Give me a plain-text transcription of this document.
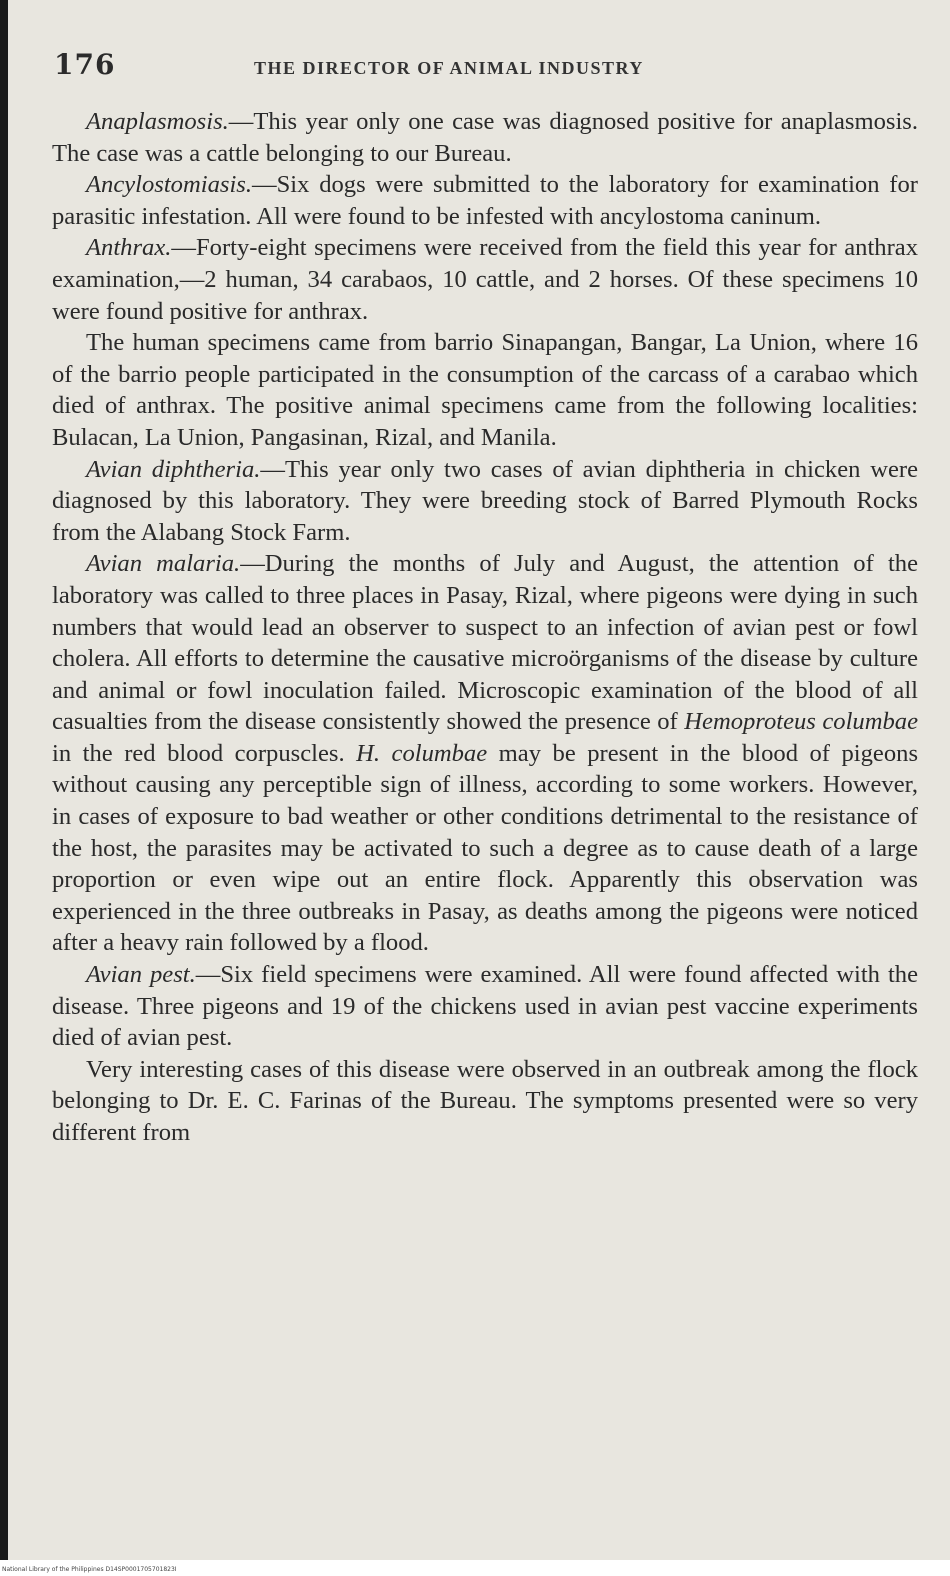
176	THE DIRECTOR OF ANIMAL INDUSTRY

Anaplasmosis.—This year only one case was diagnosed positive for anaplasmosis. The case was a cattle belonging to our Bureau.

Ancylostomiasis.—Six dogs were submitted to the laboratory for examination for parasitic infestation. All were found to be infested with ancylostoma caninum.

Anthrax.—Forty-eight specimens were received from the field this year for anthrax examination,—2 human, 34 carabaos, 10 cattle, and 2 horses. Of these specimens 10 were found positive for anthrax.

The human specimens came from barrio Sinapangan, Bangar, La Union, where 16 of the barrio people participated in the consumption of the carcass of a carabao which died of anthrax. The positive animal specimens came from the following localities: Bulacan, La Union, Pangasinan, Rizal, and Manila.

Avian diphtheria.—This year only two cases of avian diphtheria in chicken were diagnosed by this laboratory. They were breeding stock of Barred Plymouth Rocks from the Alabang Stock Farm.

Avian malaria.—During the months of July and August, the attention of the laboratory was called to three places in Pasay, Rizal, where pigeons were dying in such numbers that would lead an observer to suspect to an infection of avian pest or fowl cholera. All efforts to determine the causative microörganisms of the disease by culture and animal or fowl inoculation failed. Microscopic examination of the blood of all casualties from the disease consistently showed the presence of Hemoproteus columbae in the red blood corpuscles. H. columbae may be present in the blood of pigeons without causing any perceptible sign of illness, according to some workers. However, in cases of exposure to bad weather or other conditions detrimental to the resistance of the host, the parasites may be activated to such a degree as to cause death of a large proportion or even wipe out an entire flock. Apparently this observation was experienced in the three outbreaks in Pasay, as deaths among the pigeons were noticed after a heavy rain followed by a flood.

Avian pest.—Six field specimens were examined. All were found affected with the disease. Three pigeons and 19 of the chickens used in avian pest vaccine experiments died of avian pest.

Very interesting cases of this disease were observed in an outbreak among the flock belonging to Dr. E. C. Farinas of the Bureau. The symptoms presented were so very different from

National Library of the Philippines D14SP0001705701823I
